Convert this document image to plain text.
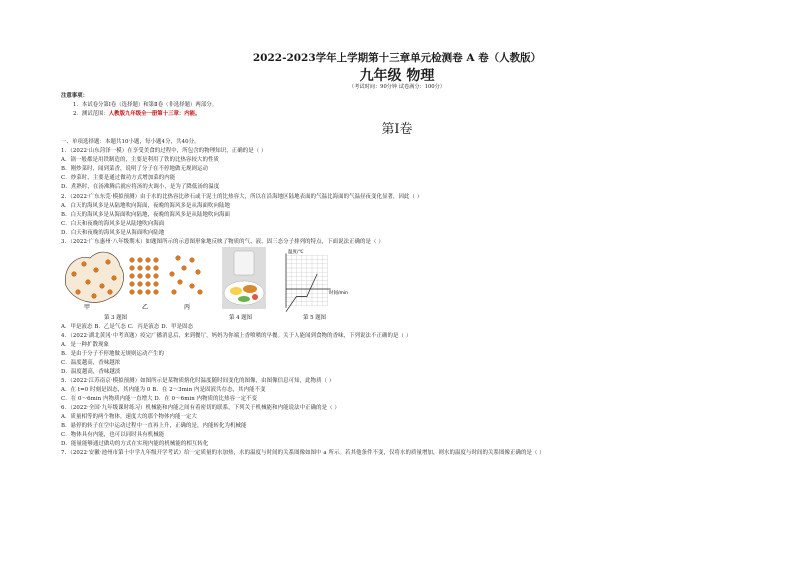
2022-2023学年上学期第十三章单元检测卷 A 卷（人教版）
九年级 物理
（考试时间：90分钟 试卷满分：100分）
注意事项：
1．本试卷分第Ⅰ卷（选择题）和第Ⅱ卷（非选择题）两部分。
2．测试范围：人教版九年级全一册第十三章：内能。
第Ⅰ卷
一、单项选择题：本题共10小题，每小题4分，共40分。
1．（2022·山东菏泽一模）在享受美食的过程中，所包含的物理知识，正确的是（ ）
A．锅一般都是用铁制造的，主要是利用了铁的比热容较大的性质
B．刚炒菜时，闻到菜香，说明了分子在不停地做无规则运动
C．炒菜时，主要是通过做功方式增加菜的内能
D．煮熟时，在汤沸腾后就应将汤的火调小，是为了降低汤的温度
2．（2022·广东东莞·模拟预测）由于水的比热容比砂石或干泥土的比热容大，所以在沿海地区陆地表面的气温比海面的气温昼夜变化显著，因此（ ）
A．白天的海风多是从陆地吹向海面，夜晚的海风多是从海面吹向陆地
B．白天的海风多是从海面吹向陆地，夜晚的海风多是从陆地吹向海面
C．白天和夜晚的海风多是从陆地吹向海面
D．白天和夜晚的海风多是从海面吹向陆地
3．（2022·广东惠州·八年级期末）如题图所示的示意图形象地反映了物质的气、液、固三态分子排列的特点，下面说法正确的是（ ）
甲	乙	丙
温度/℃
时间/min
第 3 题图	第 4 题图	第 5 题图
A．甲是液态 B．乙是气态 C．丙是液态 D．甲是固态
4．（2022·湖北黄冈·中考真题）疫完广播消息后，来到餐厅，妈妈为你端上香喷喷的早餐。关于人能闻到食物的香味，下列说法不正确的是（ ）
A．是一种扩散现象
B．是由于分子不停地做无规则运动产生的
C．温度越高，香味越浓
D．温度越高，香味越淡
5．（2022·江苏南京·模拟预测）如图所示是某物质熔化时温度随时间变化的图像，由图像信息可知，此物质（ ）
A．在 t=0 时刻是固态，其内能为 0 B．在 2～3min 内是固液共存态，其内能不变
C．在 0～6min 内物质内能一直增大 D．在 0～6min 内物质的比热容一定不变
6．（2022·全国·九年级课时练习）机械能和内能之间有着密切的联系，下列关于机械能和内能说法中正确的是（ ）
A．质量相等的两个物体，速度大的那个物体内能一定大
B．悬停的转子在空中运动过程中一直再上升，正确的是，内能转化为机械能
C．物体具有内能，也可以同时具有机械能
D．能量能够通过做功的方式在实现内能的机械能的相互转化
7．（2022·安徽·池州市第十中学九年级开学考试）给一定质量的水加热，水的温度与时间的关系图像如图中 a 所示。若其他条件不变，仅将水的质量增加，则水的温度与时间的关系图像正确的是（ ）
